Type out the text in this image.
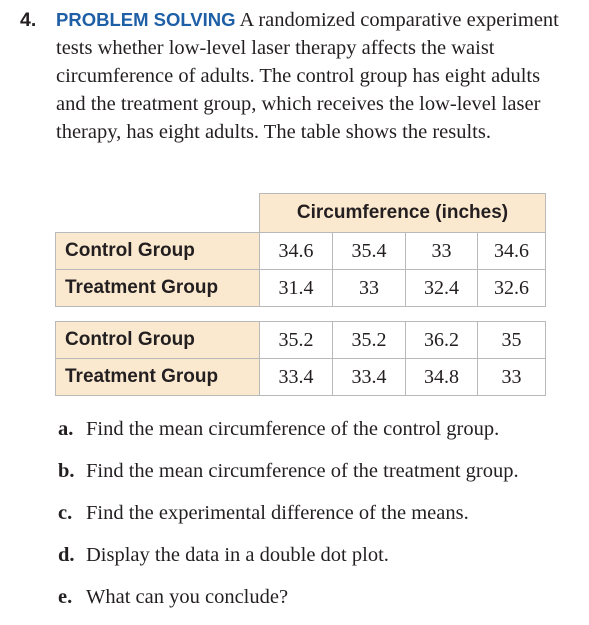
4. PROBLEM SOLVING A randomized comparative experiment tests whether low-level laser therapy affects the waist circumference of adults. The control group has eight adults and the treatment group, which receives the low-level laser therapy, has eight adults. The table shows the results.
	Circumference (inches)			
Control Group	34.6	35.4	33	34.6
Treatment Group	31.4	33	32.4	32.6
Control Group	35.2	35.2	36.2	35
Treatment Group	33.4	33.4	34.8	33
a. Find the mean circumference of the control group.
b. Find the mean circumference of the treatment group.
c. Find the experimental difference of the means.
d. Display the data in a double dot plot.
e. What can you conclude?
